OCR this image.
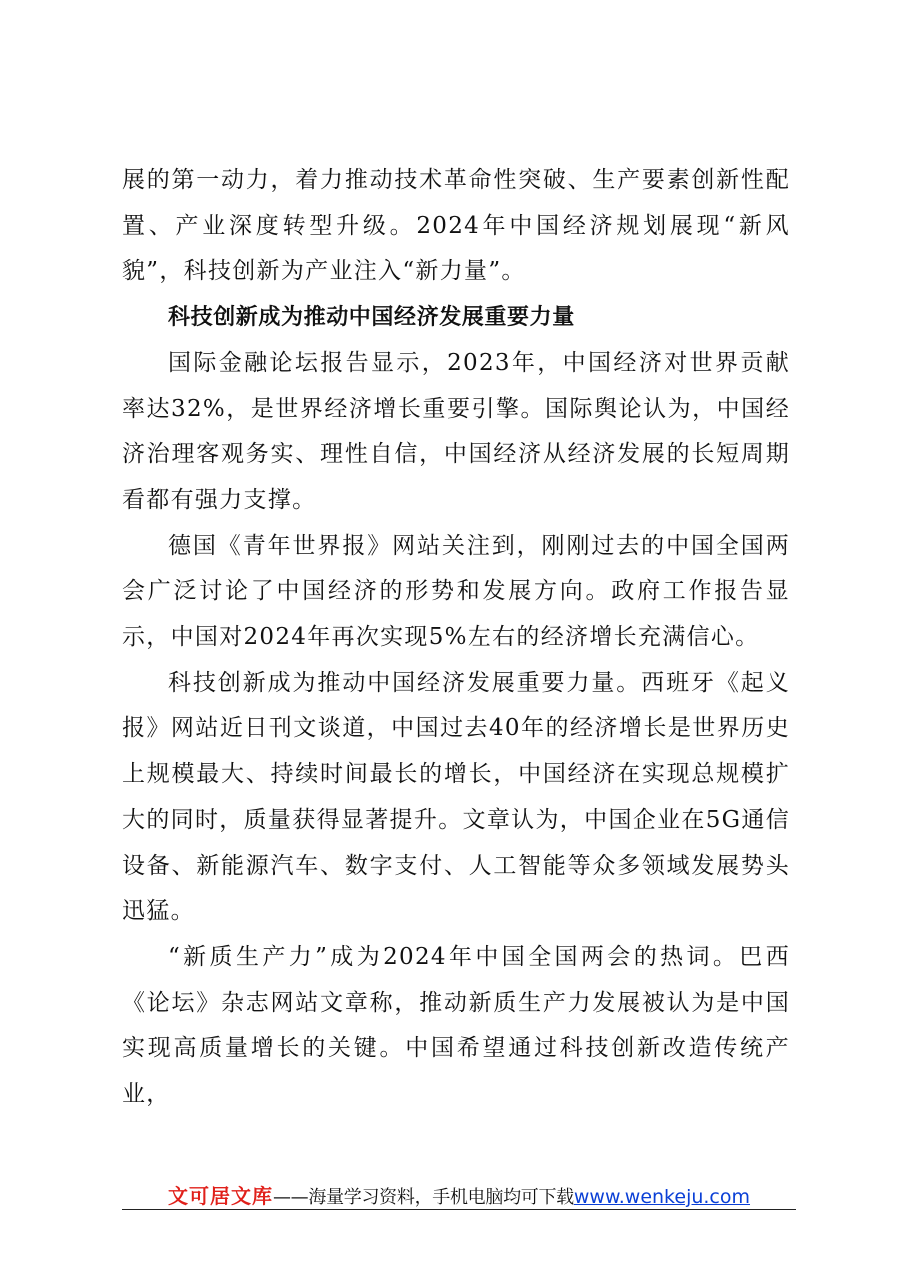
展的第一动力，着力推动技术革命性突破、生产要素创新性配置、产业深度转型升级。2024年中国经济规划展现“新风貌”，科技创新为产业注入“新力量”。

科技创新成为推动中国经济发展重要力量

国际金融论坛报告显示，2023年，中国经济对世界贡献率达32%，是世界经济增长重要引擎。国际舆论认为，中国经济治理客观务实、理性自信，中国经济从经济发展的长短周期看都有强力支撑。

德国《青年世界报》网站关注到，刚刚过去的中国全国两会广泛讨论了中国经济的形势和发展方向。政府工作报告显示，中国对2024年再次实现5%左右的经济增长充满信心。

科技创新成为推动中国经济发展重要力量。西班牙《起义报》网站近日刊文谈道，中国过去40年的经济增长是世界历史上规模最大、持续时间最长的增长，中国经济在实现总规模扩大的同时，质量获得显著提升。文章认为，中国企业在5G通信设备、新能源汽车、数字支付、人工智能等众多领域发展势头迅猛。

“新质生产力”成为2024年中国全国两会的热词。巴西《论坛》杂志网站文章称，推动新质生产力发展被认为是中国实现高质量增长的关键。中国希望通过科技创新改造传统产业，

文可居文库——海量学习资料，手机电脑均可下载www.wenkeju.com
